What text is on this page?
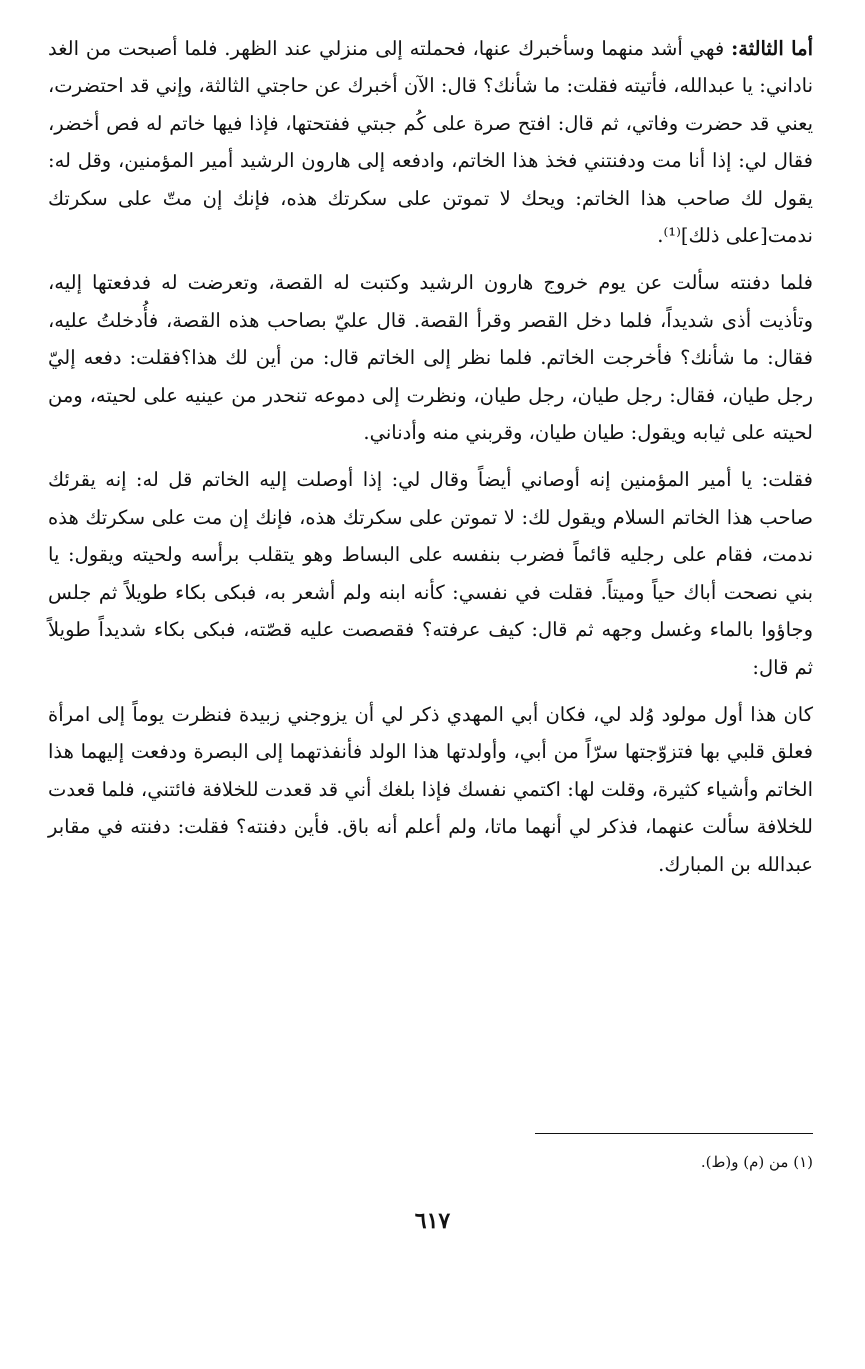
أما الثالثة: فهي أشد منهما وسأخبرك عنها، فحملته إلى منزلي عند الظهر. فلما أصبحت من الغد ناداني: يا عبدالله، فأتيته فقلت: ما شأنك؟ قال: الآن أخبرك عن حاجتي الثالثة، وإني قد احتضرت، يعني قد حضرت وفاتي، ثم قال: افتح صرة على كُم جبتي ففتحتها، فإذا فيها خاتم له فص أخضر، فقال لي: إذا أنا مت ودفنتني فخذ هذا الخاتم، وادفعه إلى هارون الرشيد أمير المؤمنين، وقل له: يقول لك صاحب هذا الخاتم: ويحك لا تموتن على سكرتك هذه، فإنك إن متّ على سكرتك ندمت[على ذلك]⁽¹⁾.

فلما دفنته سألت عن يوم خروج هارون الرشيد وكتبت له القصة، وتعرضت له فدفعتها إليه، وتأذيت أذى شديداً، فلما دخل القصر وقرأ القصة. قال عليّ بصاحب هذه القصة، فأُدخلتُ عليه، فقال: ما شأنك؟ فأخرجت الخاتم. فلما نظر إلى الخاتم قال: من أين لك هذا؟فقلت: دفعه إليّ رجل طيان، فقال: رجل طيان، رجل طيان، ونظرت إلى دموعه تنحدر من عينيه على لحيته، ومن لحيته على ثيابه ويقول: طيان طيان، وقربني منه وأدناني.

فقلت: يا أمير المؤمنين إنه أوصاني أيضاً وقال لي: إذا أوصلت إليه الخاتم قل له: إنه يقرئك صاحب هذا الخاتم السلام ويقول لك: لا تموتن على سكرتك هذه، فإنك إن مت على سكرتك هذه ندمت، فقام على رجليه قائماً فضرب بنفسه على البساط وهو يتقلب برأسه ولحيته ويقول: يا بني نصحت أباك حياً وميتاً. فقلت في نفسي: كأنه ابنه ولم أشعر به، فبكى بكاء طويلاً ثم جلس وجاؤوا بالماء وغسل وجهه ثم قال: كيف عرفته؟ فقصصت عليه قصّته، فبكى بكاء شديداً طويلاً ثم قال:

كان هذا أول مولود وُلد لي، فكان أبي المهدي ذكر لي أن يزوجني زبيدة فنظرت يوماً إلى امرأة فعلق قلبي بها فتزوّجتها سرّاً من أبي، وأولدتها هذا الولد فأنفذتهما إلى البصرة ودفعت إليهما هذا الخاتم وأشياء كثيرة، وقلت لها: اكتمي نفسك فإذا بلغك أني قد قعدت للخلافة فائتني، فلما قعدت للخلافة سألت عنهما، فذكر لي أنهما ماتا، ولم أعلم أنه باق. فأين دفنته؟ فقلت: دفنته في مقابر عبدالله بن المبارك.

(١) من (م) و(ط).
٦١٧
